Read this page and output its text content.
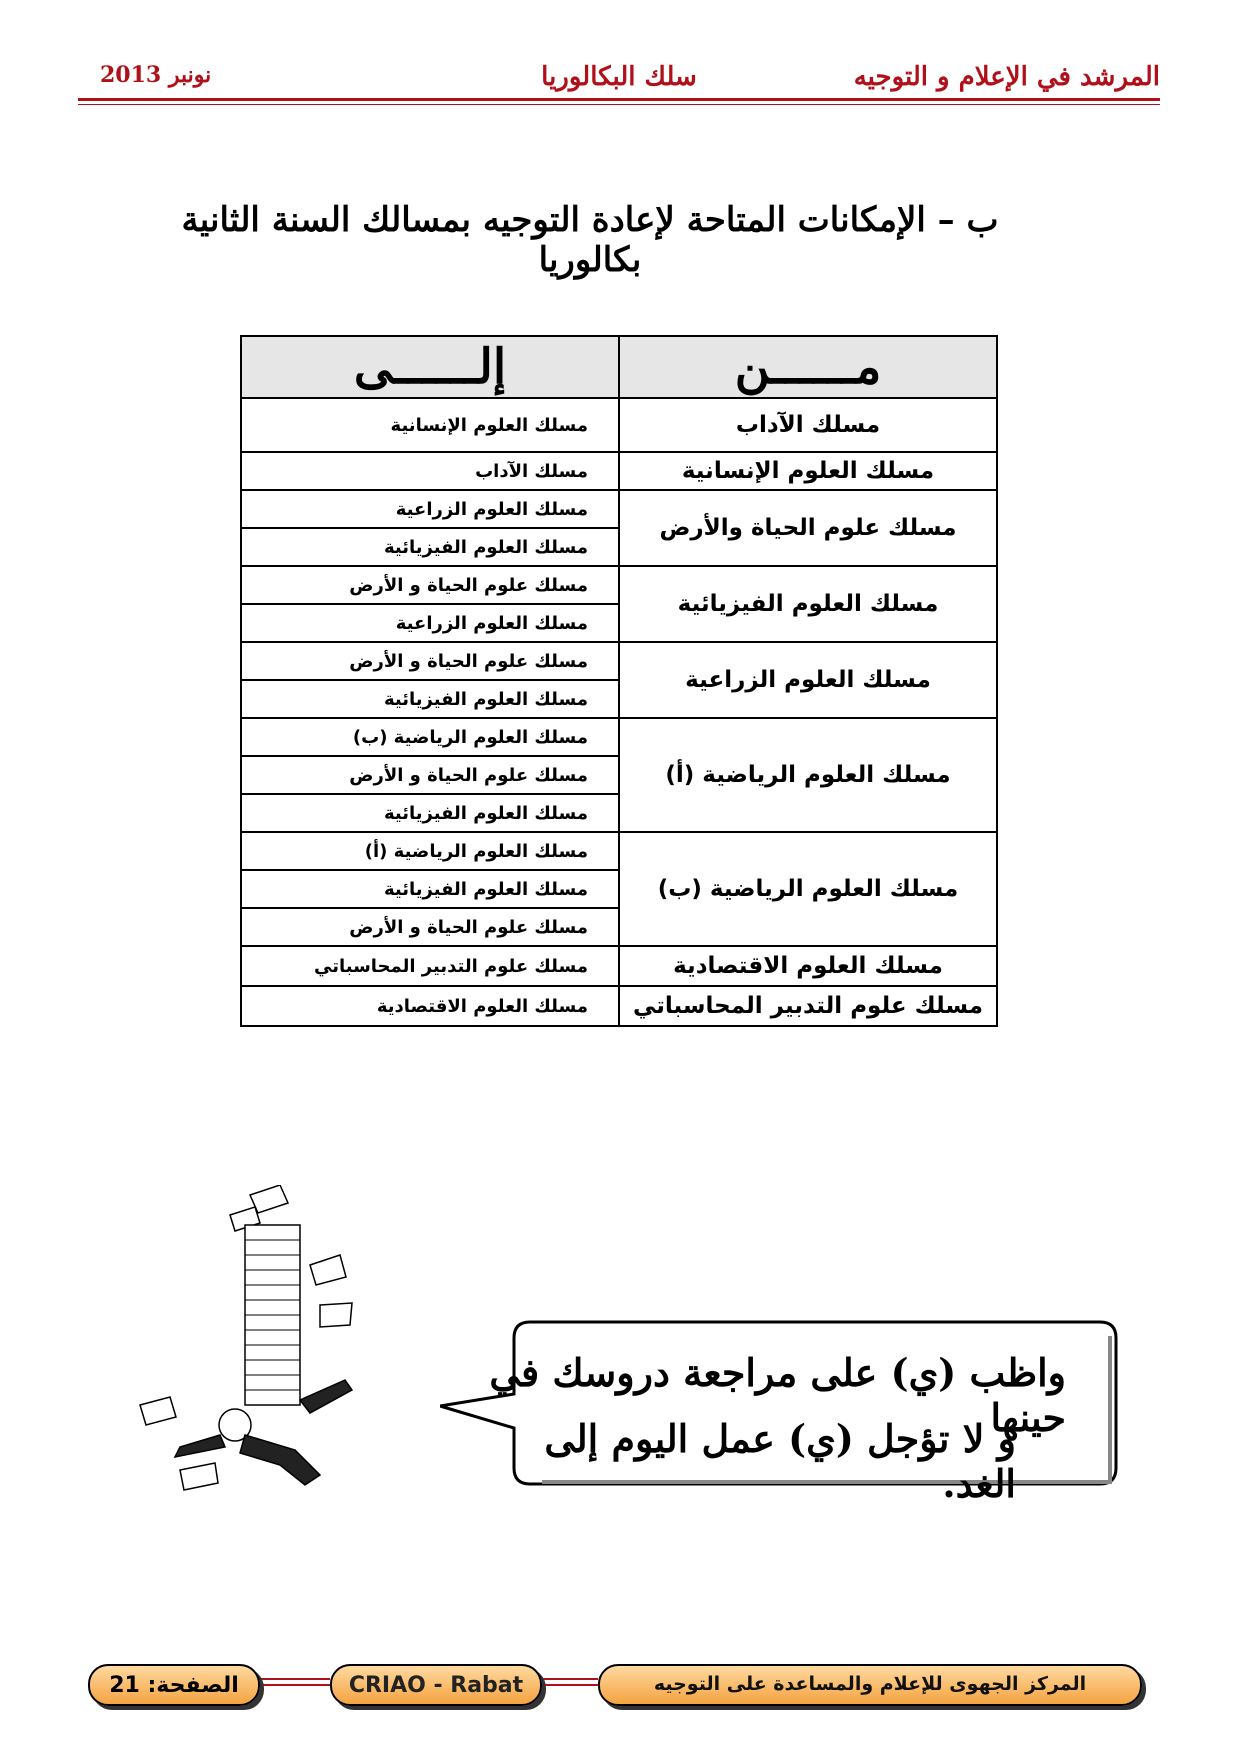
المرشد في الإعلام و التوجيه
سلك البكالوريا
نونبر 2013
ب – الإمكانات المتاحة لإعادة التوجيه بمسالك السنة الثانية بكالوريا
مــــــن	إلــــــى
مسلك الآداب	مسلك العلوم الإنسانية
مسلك العلوم الإنسانية	مسلك الآداب
مسلك علوم الحياة والأرض	مسلك العلوم الزراعية
	مسلك العلوم الفيزيائية
مسلك العلوم الفيزيائية	مسلك علوم الحياة و الأرض
	مسلك العلوم الزراعية
مسلك العلوم الزراعية	مسلك علوم الحياة و الأرض
	مسلك العلوم الفيزيائية
مسلك العلوم الرياضية (أ)	مسلك العلوم الرياضية (ب)
	مسلك علوم الحياة و الأرض
	مسلك العلوم الفيزيائية
مسلك العلوم الرياضية (ب)	مسلك العلوم الرياضية (أ)
	مسلك العلوم الفيزيائية
	مسلك علوم الحياة و الأرض
مسلك العلوم الاقتصادية	مسلك علوم التدبير المحاسباتي
مسلك علوم التدبير المحاسباتي	مسلك العلوم الاقتصادية
واظب (ي) على مراجعة دروسك في حينها
و لا تؤجل (ي) عمل اليوم إلى الغد.
الصفحة: 21	CRIAO - Rabat	المركز الجهوى للإعلام والمساعدة على التوجيه
